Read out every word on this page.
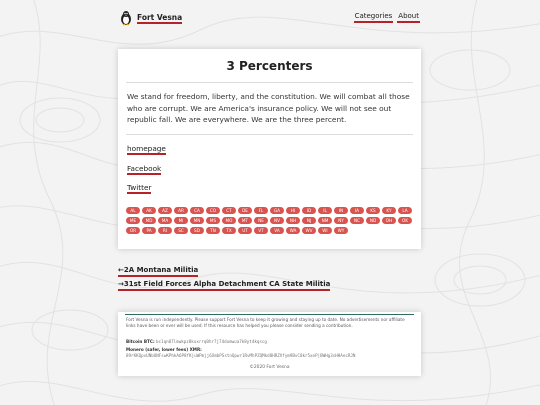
Fort Vesna	Categories About
3 Percenters
We stand for freedom, liberty, and the constitution. We will combat all those who are corrupt. We are America's insurance policy. We will not see out republic fall. We are everywhere. We are the three percent.
homepage
Facebook
Twitter
AL	AK	AZ	AR	CA	CO	CT	DE	FL	GA	HI	ID	IL	IN	IA	KS	KY	LA
ME	MD	MA	MI	MN	MS	MO	MT	NE	NV	NH	NJ	NM	NY	NC	ND	OH	OK
OR	PA	RI	SC	SD	TN	TX	UT	VT	VA	WA	WV	WI	WY
←2A Montana Militia
→31st Field Forces Alpha Detachment CA State Militia
Fort Vesna is run independently. Please support Fort Vesna to keep it growing and staying up to date. No advertisements nor affiliate links have been or ever will be used. If this resource has helped you please consider sending a contribution.
Bitcoin BTC: bc1qn07lmwkpz8kuxrrq0hr7j74dumwua7k8yt4kqscg
Monero (safer, lower fees) XMR:
89rKKQpvUNbUNFswKPhkA6P8fKjuWPmjj6XmbPSstnQpwr1RvMhPZQMkd8HRZVfym9BvC8kr5xeP|BWHg3sHHAecRJN
©2020 Fort Vesna
